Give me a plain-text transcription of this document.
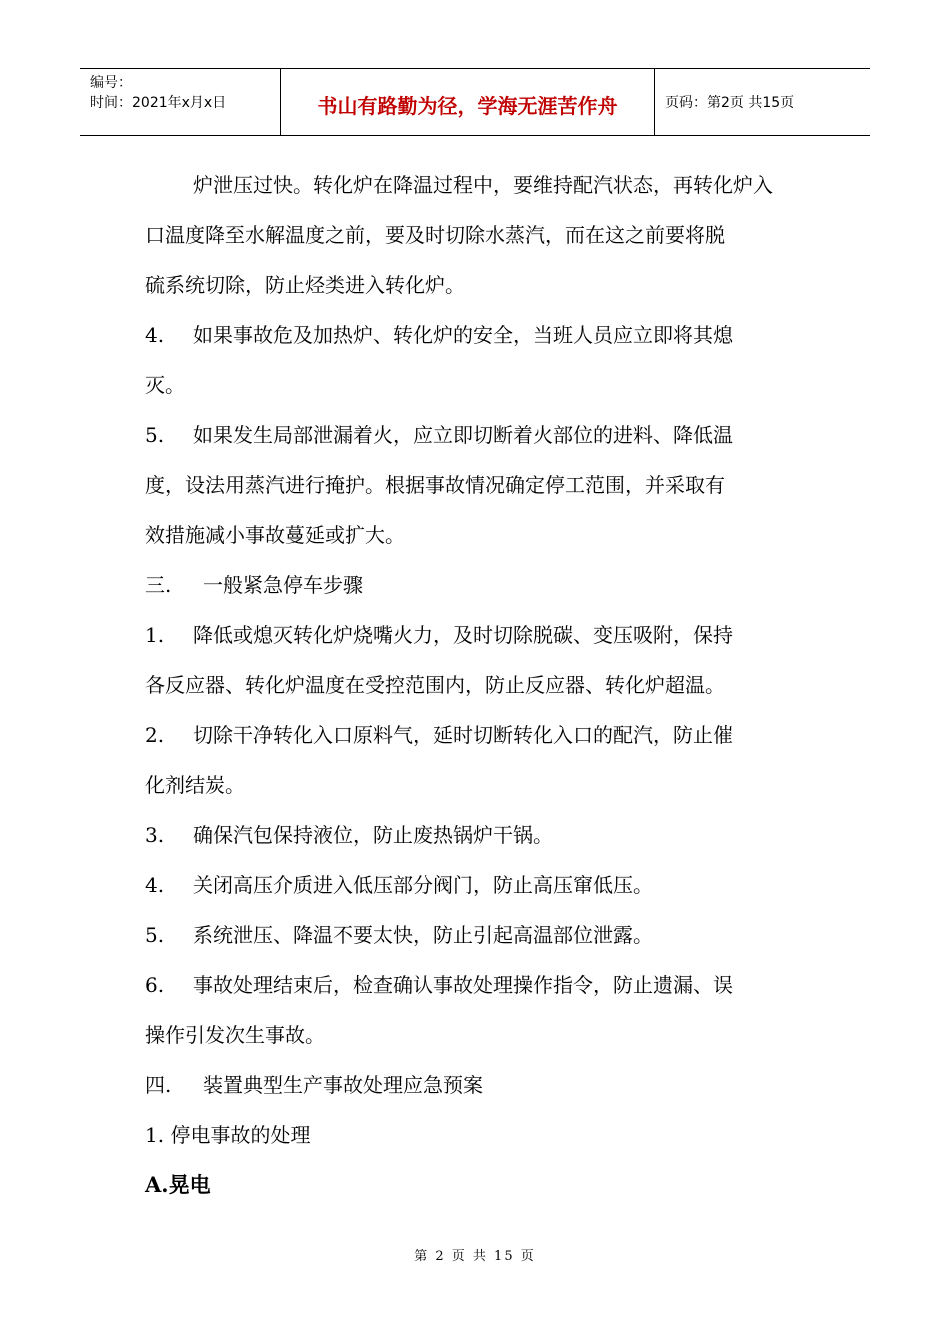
编号：
时间：2021年x月x日	书山有路勤为径，学海无涯苦作舟	页码：第2页 共15页
炉泄压过快。转化炉在降温过程中，要维持配汽状态，再转化炉入
口温度降至水解温度之前，要及时切除水蒸汽，而在这之前要将脱
硫系统切除，防止烃类进入转化炉。
4. 如果事故危及加热炉、转化炉的安全，当班人员应立即将其熄
灭。
5. 如果发生局部泄漏着火，应立即切断着火部位的进料、降低温
度，设法用蒸汽进行掩护。根据事故情况确定停工范围，并采取有
效措施减小事故蔓延或扩大。
三. 一般紧急停车步骤
1. 降低或熄灭转化炉烧嘴火力，及时切除脱碳、变压吸附，保持
各反应器、转化炉温度在受控范围内，防止反应器、转化炉超温。
2. 切除干净转化入口原料气，延时切断转化入口的配汽，防止催
化剂结炭。
3. 确保汽包保持液位，防止废热锅炉干锅。
4. 关闭高压介质进入低压部分阀门，防止高压窜低压。
5. 系统泄压、降温不要太快，防止引起高温部位泄露。
6. 事故处理结束后，检查确认事故处理操作指令，防止遗漏、误
操作引发次生事故。
四. 装置典型生产事故处理应急预案
1. 停电事故的处理
A.晃电
第 2 页 共 15 页
